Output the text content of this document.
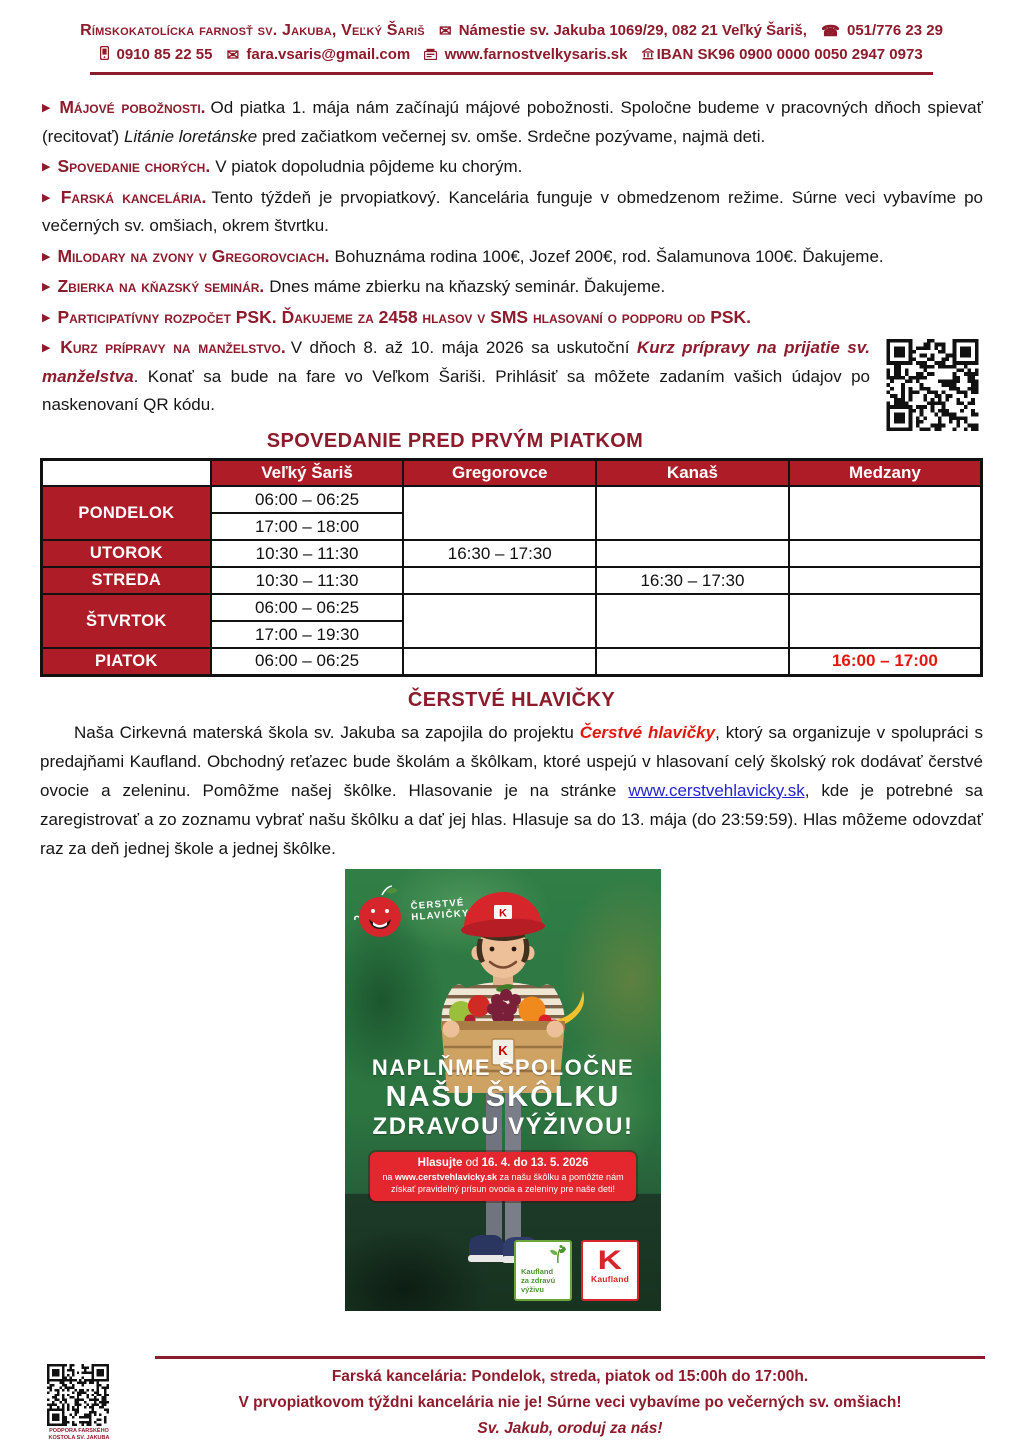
Rímskokatolícka farnosť sv. Jakuba, Veľký Šariš ✉ Námestie sv. Jakuba 1069/29, 082 21 Veľký Šariš, ☎ 051/776 23 29
0910 85 22 55 ✉ fara.vsaris@gmail.com www.farnostvelkysaris.sk IBAN SK96 0900 0000 0050 2947 0973

▶ Májové pobožnosti. Od piatka 1. mája nám začínajú májové pobožnosti. Spoločne budeme v pracovných dňoch spievať (recitovať) Litánie loretánske pred začiatkom večernej sv. omše. Srdečne pozývame, najmä deti.

▶ Spovedanie chorých. V piatok dopoludnia pôjdeme ku chorým.

▶ Farská kancelária. Tento týždeň je prvopiatkový. Kancelária funguje v obmedzenom režime. Súrne veci vybavíme po večerných sv. omšiach, okrem štvrtku.

▶ Milodary na zvony v Gregorovciach. Bohuznáma rodina 100€, Jozef 200€, rod. Šalamunova 100€. Ďakujeme.

▶ Zbierka na kňazský seminár. Dnes máme zbierku na kňazský seminár. Ďakujeme.

▶ Participatívny rozpočet PSK. Ďakujeme za 2458 hlasov v SMS hlasovaní o podporu od PSK.

▶ Kurz prípravy na manželstvo. V dňoch 8. až 10. mája 2026 sa uskutoční Kurz prípravy na prijatie sv. manželstva. Konať sa bude na fare vo Veľkom Šariši. Prihlásiť sa môžete zadaním vašich údajov po naskenovaní QR kódu.

SPOVEDANIE PRED PRVÝM PIATKOM
	Veľký Šariš	Gregorovce	Kanaš	Medzany
PONDELOK	06:00 – 06:25			
	17:00 – 18:00			
UTOROK	10:30 – 11:30	16:30 – 17:30		
STREDA	10:30 – 11:30		16:30 – 17:30	
ŠTVRTOK	06:00 – 06:25			
	17:00 – 19:30			
PIATOK	06:00 – 06:25			16:00 – 17:00
ČERSTVÉ HLAVIČKY

Naša Cirkevná materská škola sv. Jakuba sa zapojila do projektu Čerstvé hlavičky, ktorý sa organizuje v spolupráci s predajňami Kaufland. Obchodný reťazec bude školám a škôlkam, ktoré uspejú v hlasovaní celý školský rok dodávať čerstvé ovocie a zeleninu. Pomôžme našej škôlke. Hlasovanie je na stránke www.cerstvehlavicky.sk, kde je potrebné sa zaregistrovať a zo zoznamu vybrať našu škôlku a dať jej hlas. Hlasuje sa do 13. mája (do 23:59:59). Hlas môžeme odovzdať raz za deň jednej škole a jednej škôlke.

K
K
ČERSTVÉ
HLAVIČKY
NAPLŇME SPOLOČNE
NAŠU ŠKÔLKU
ZDRAVOU VÝŽIVOU!
Hlasujte od 16. 4. do 13. 5. 2026
na www.cerstvehlavicky.sk za našu škôlku a pomôžte nám
získať pravidelný prísun ovocia a zeleniny pre naše deti!
Kaufland za zdravú výživu
K
Kaufland
PODPORA FARSKÉHO
KOSTOLA SV. JAKUBA
Farská kancelária: Pondelok, streda, piatok od 15:00h do 17:00h.
V prvopiatkovom týždni kancelária nie je! Súrne veci vybavíme po večerných sv. omšiach!
Sv. Jakub, oroduj za nás!
